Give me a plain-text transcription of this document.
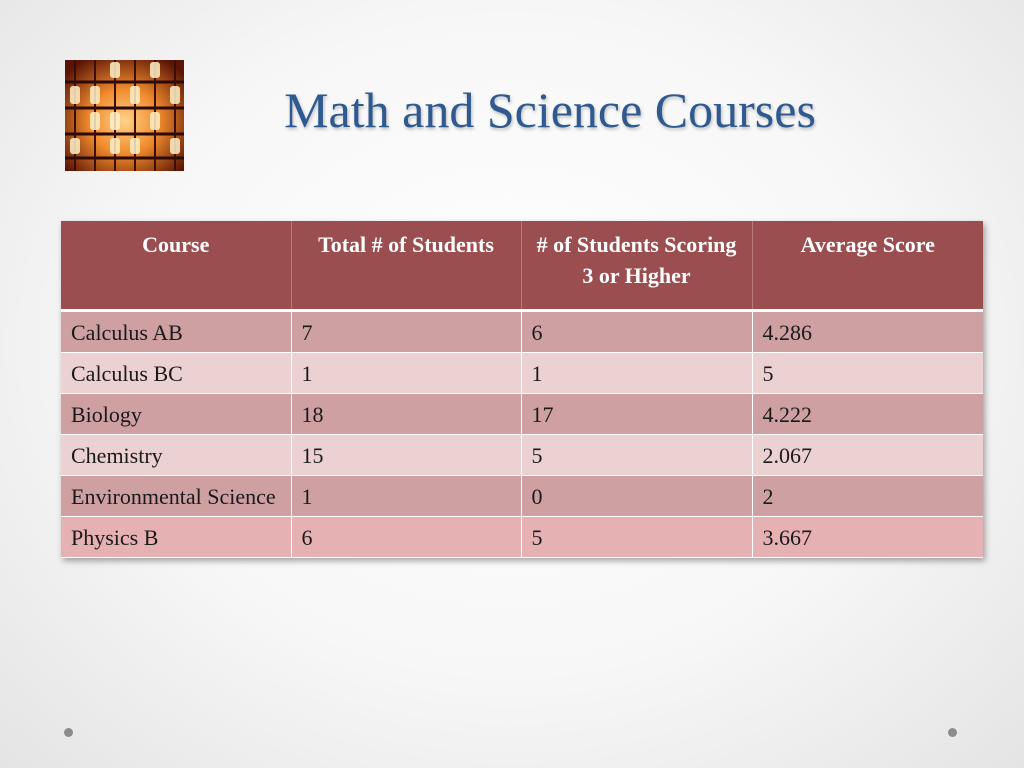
Math and Science Courses
Course	Total # of Students	# of Students Scoring 3 or Higher	Average Score
Calculus AB	7	6	4.286
Calculus BC	1	1	5
Biology	18	17	4.222
Chemistry	15	5	2.067
Environmental Science	1	0	2
Physics B	6	5	3.667
